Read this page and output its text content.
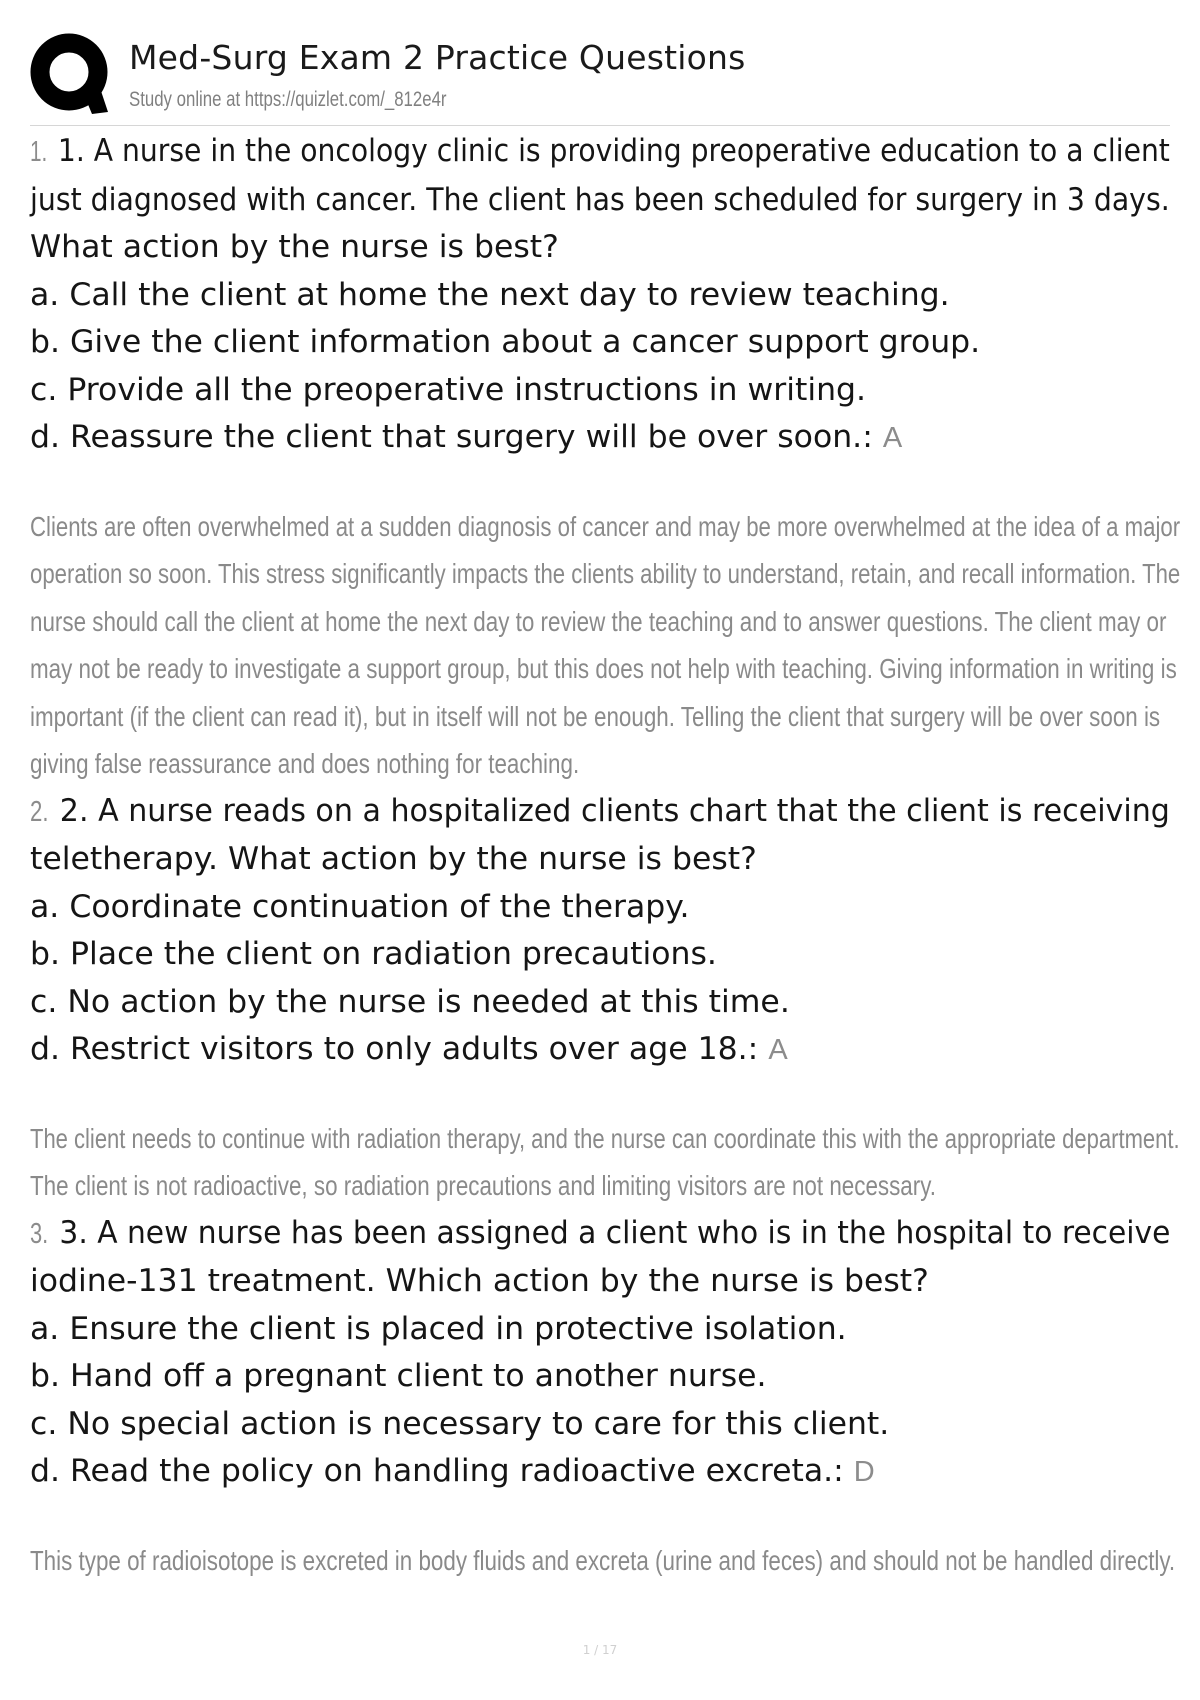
Med-Surg Exam 2 Practice Questions
Study online at https://quizlet.com/_812e4r
1. 1. A nurse in the oncology clinic is providing preoperative education to a client
just diagnosed with cancer. The client has been scheduled for surgery in 3 days.
What action by the nurse is best?
a. Call the client at home the next day to review teaching.
b. Give the client information about a cancer support group.
c. Provide all the preoperative instructions in writing.
d. Reassure the client that surgery will be over soon.: A
Clients are often overwhelmed at a sudden diagnosis of cancer and may be more overwhelmed at the idea of a major
operation so soon. This stress significantly impacts the clients ability to understand, retain, and recall information. The
nurse should call the client at home the next day to review the teaching and to answer questions. The client may or
may not be ready to investigate a support group, but this does not help with teaching. Giving information in writing is
important (if the client can read it), but in itself will not be enough. Telling the client that surgery will be over soon is
giving false reassurance and does nothing for teaching.
2. 2. A nurse reads on a hospitalized clients chart that the client is receiving
teletherapy. What action by the nurse is best?
a. Coordinate continuation of the therapy.
b. Place the client on radiation precautions.
c. No action by the nurse is needed at this time.
d. Restrict visitors to only adults over age 18.: A
The client needs to continue with radiation therapy, and the nurse can coordinate this with the appropriate department.
The client is not radioactive, so radiation precautions and limiting visitors are not necessary.
3. 3. A new nurse has been assigned a client who is in the hospital to receive
iodine-131 treatment. Which action by the nurse is best?
a. Ensure the client is placed in protective isolation.
b. Hand off a pregnant client to another nurse.
c. No special action is necessary to care for this client.
d. Read the policy on handling radioactive excreta.: D
This type of radioisotope is excreted in body fluids and excreta (urine and feces) and should not be handled directly.
1 / 17
